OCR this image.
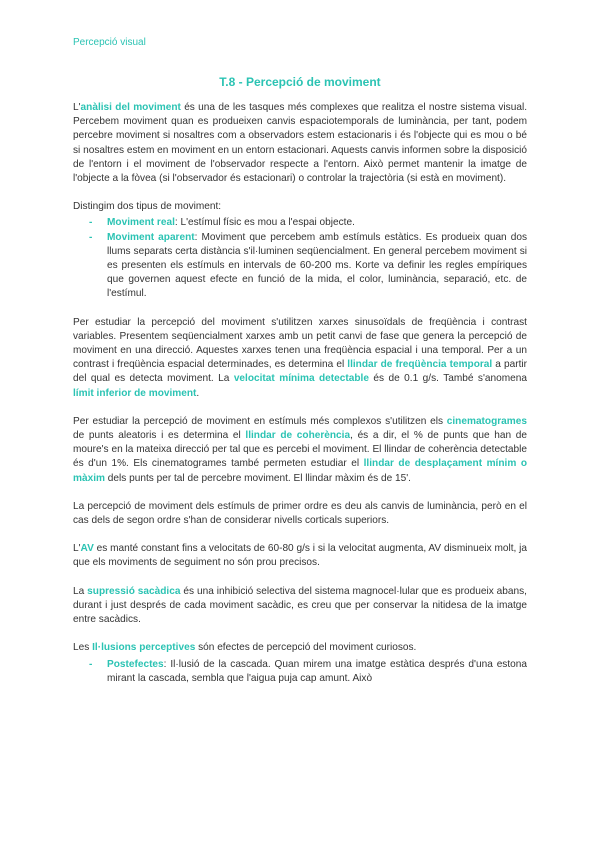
Percepció visual
T.8 - Percepció de moviment

L'anàlisi del moviment és una de les tasques més complexes que realitza el nostre sistema visual. Percebem moviment quan es produeixen canvis espaciotemporals de luminància, per tant, podem percebre moviment si nosaltres com a observadors estem estacionaris i és l'objecte qui es mou o bé si nosaltres estem en moviment en un entorn estacionari. Aquests canvis informen sobre la disposició de l'entorn i el moviment de l'observador respecte a l'entorn. Això permet mantenir la imatge de l'objecte a la fòvea (si l'observador és estacionari) o controlar la trajectòria (si està en moviment).

Distingim dos tipus de moviment:

- Moviment real: L'estímul físic es mou a l'espai objecte.
- Moviment aparent: Moviment que percebem amb estímuls estàtics. Es produeix quan dos llums separats certa distància s'il·luminen seqüencialment. En general percebem moviment si es presenten els estímuls en intervals de 60-200 ms. Korte va definir les regles empíriques que governen aquest efecte en funció de la mida, el color, luminància, separació, etc. de l'estímul.

Per estudiar la percepció del moviment s'utilitzen xarxes sinusoïdals de freqüència i contrast variables. Presentem seqüencialment xarxes amb un petit canvi de fase que genera la percepció de moviment en una direcció. Aquestes xarxes tenen una freqüència espacial i una temporal. Per a un contrast i freqüència espacial determinades, es determina el llindar de freqüència temporal a partir del qual es detecta moviment. La velocitat mínima detectable és de 0.1 g/s. També s'anomena límit inferior de moviment.

Per estudiar la percepció de moviment en estímuls més complexos s'utilitzen els cinematogrames de punts aleatoris i es determina el llindar de coherència, és a dir, el % de punts que han de moure's en la mateixa direcció per tal que es percebi el moviment. El llindar de coherència detectable és d'un 1%. Els cinematogrames també permeten estudiar el llindar de desplaçament mínim o màxim dels punts per tal de percebre moviment. El llindar màxim és de 15'.

La percepció de moviment dels estímuls de primer ordre es deu als canvis de luminància, però en el cas dels de segon ordre s'han de considerar nivells corticals superiors.

L'AV es manté constant fins a velocitats de 60-80 g/s i si la velocitat augmenta, AV disminueix molt, ja que els moviments de seguiment no són prou precisos.

La supressió sacàdica és una inhibició selectiva del sistema magnocel·lular que es produeix abans, durant i just després de cada moviment sacàdic, es creu que per conservar la nitidesa de la imatge entre sacàdics.

Les Il·lusions perceptives són efectes de percepció del moviment curiosos.

- Postefectes: Il·lusió de la cascada. Quan mirem una imatge estàtica després d'una estona mirant la cascada, sembla que l'aigua puja cap amunt. Això
